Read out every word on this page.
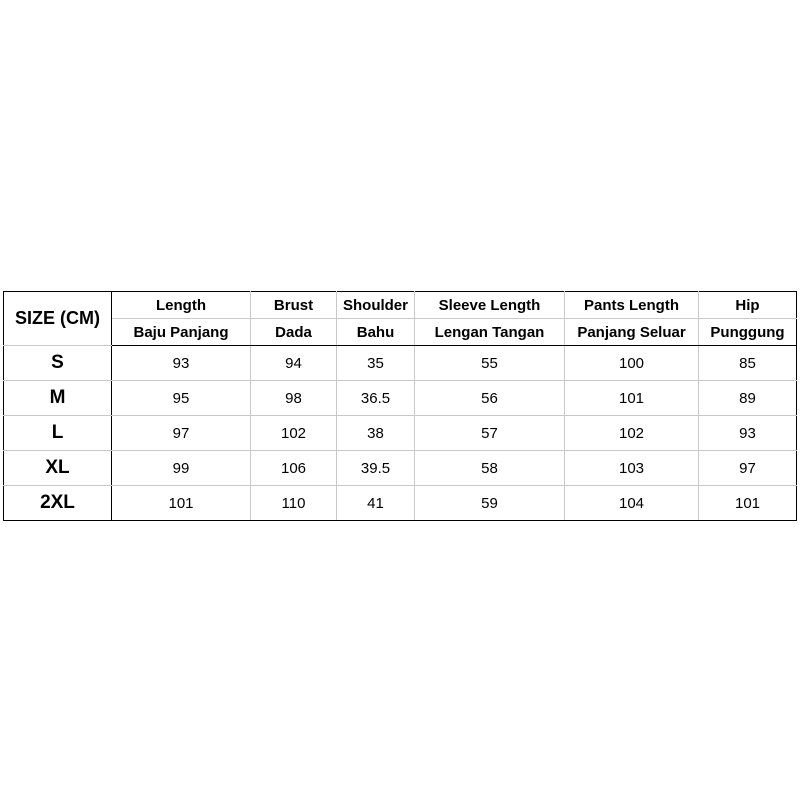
SIZE (CM)	Length	Brust	Shoulder	Sleeve Length	Pants Length	Hip
	Baju Panjang	Dada	Bahu	Lengan Tangan	Panjang Seluar	Punggung
S	93	94	35	55	100	85
M	95	98	36.5	56	101	89
L	97	102	38	57	102	93
XL	99	106	39.5	58	103	97
2XL	101	110	41	59	104	101
